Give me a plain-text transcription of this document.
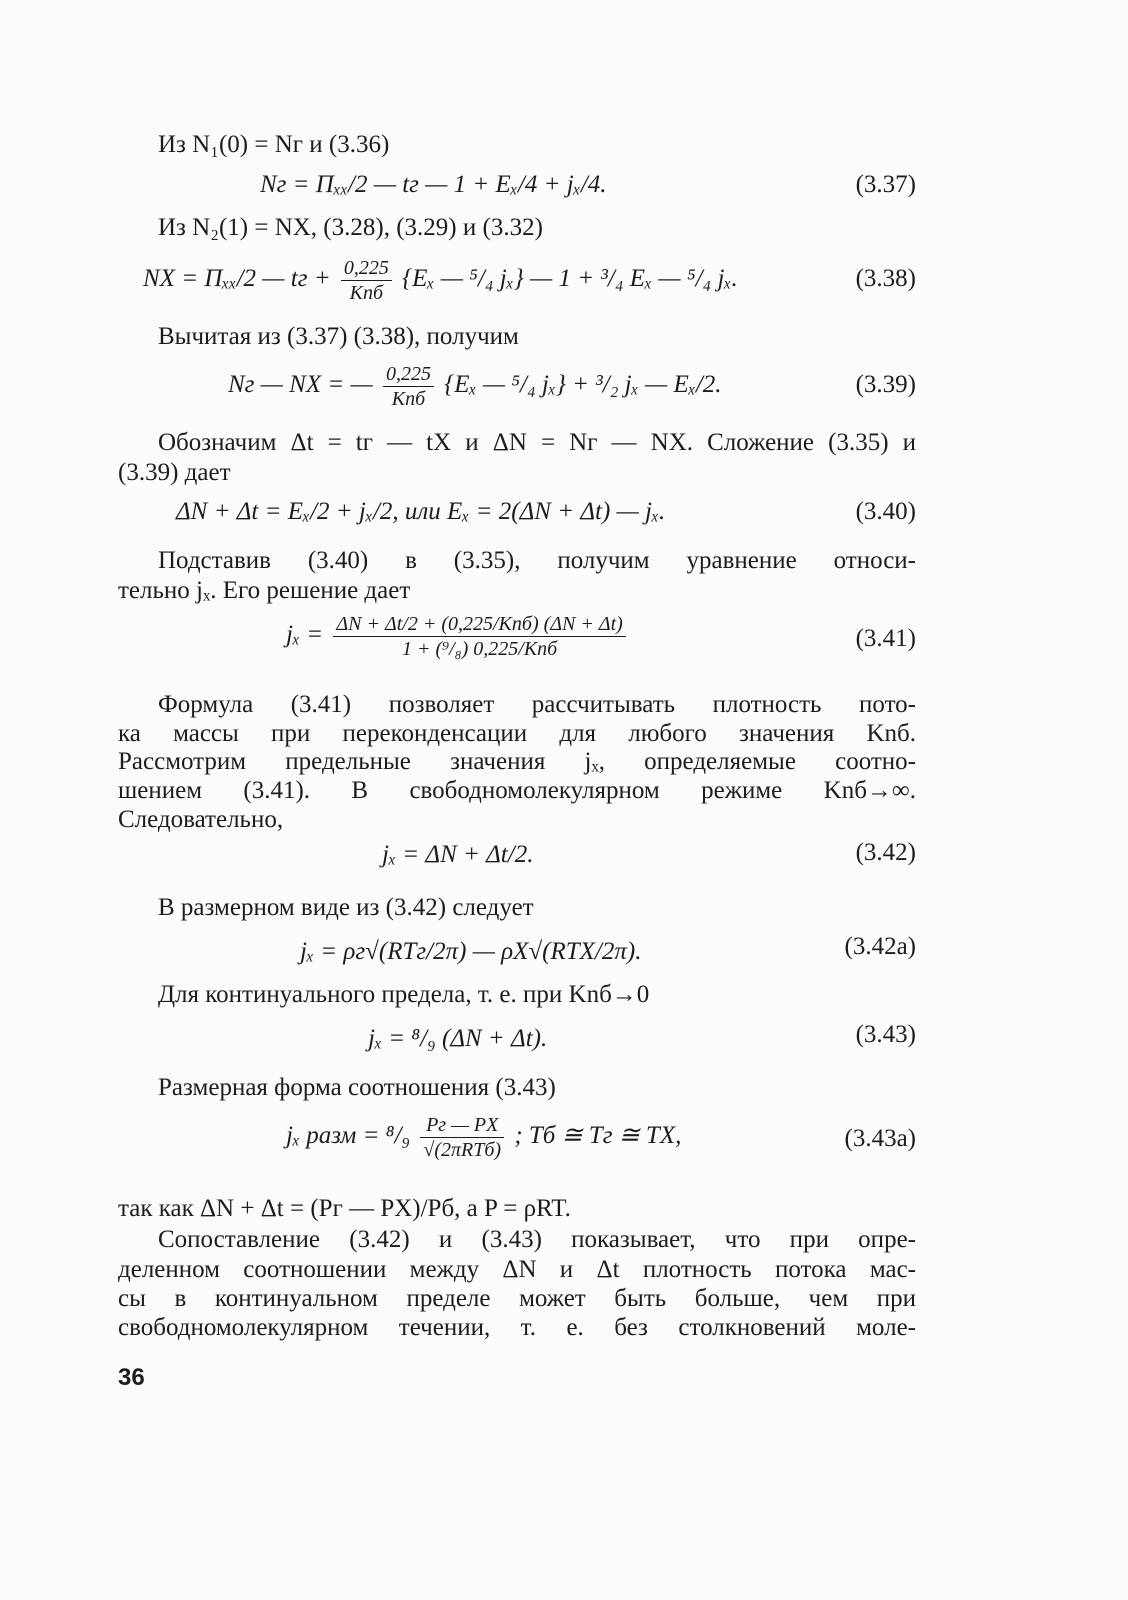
Из N₁(0) = Nг и (3.36)
Nг = Πₓₓ/2 — tг — 1 + Eₓ/4 + jₓ/4.	(3.37)
Из N₂(1) = NХ, (3.28), (3.29) и (3.32)
NХ = Πₓₓ/2 — tг + $\frac{0,225}{\text{Knб}} \{E_x$ — ⁵/₄ jₓ} — 1 + ³/₄ Eₓ — ⁵/₄ jₓ.	(3.38)
Вычитая из (3.37) (3.38), получим
Nг — NХ = — $\frac{0,225}{\text{Knб}} \{E_x$ — ⁵/₄ jₓ} + ³/₂ jₓ — Eₓ/2.	(3.39)
Обозначим Δt = tг — tХ и ΔN = Nг — NХ. Сложение (3.35) и
(3.39) дает
ΔN + Δt = Eₓ/2 + jₓ/2, или Eₓ = 2(ΔN + Δt) — jₓ.	(3.40)
Подставив (3.40) в (3.35), получим уравнение относи-
тельно jₓ. Его решение дает
$j_x = \frac{\text{ΔN + Δt/2 + (0,225/Knб) (ΔN + Δt)}}{\text{1 + (⁹/₈) 0,225/Knб}}$	(3.41)
Формула (3.41) позволяет рассчитывать плотность пото-
ка массы при переконденсации для любого значения Knб.
Рассмотрим предельные значения jₓ, определяемые соотно-
шением (3.41). В свободномолекулярном режиме Knб→∞.
Следовательно,
jₓ = ΔN + Δt/2.	(3.42)
В размерном виде из (3.42) следует
jₓ = ρг√(RTг/2π) — ρХ√(RTХ/2π).	(3.42a)
Для континуального предела, т. е. при Knб→0
jₓ = ⁸/₉ (ΔN + Δt).	(3.43)
Размерная форма соотношения (3.43)
jₓ разм = $^8/_9 \frac{Pг — PХ}{\text{√(2πRTб)}}$ ; Tб ≅ Tг ≅ TХ,	(3.43a)
так как ΔN + Δt = (Pг — PХ)/Pб, а P = ρRT.
Сопоставление (3.42) и (3.43) показывает, что при опре-
деленном соотношении между ΔN и Δt плотность потока мас-
сы в континуальном пределе может быть больше, чем при
свободномолекулярном течении, т. е. без столкновений моле-
36
